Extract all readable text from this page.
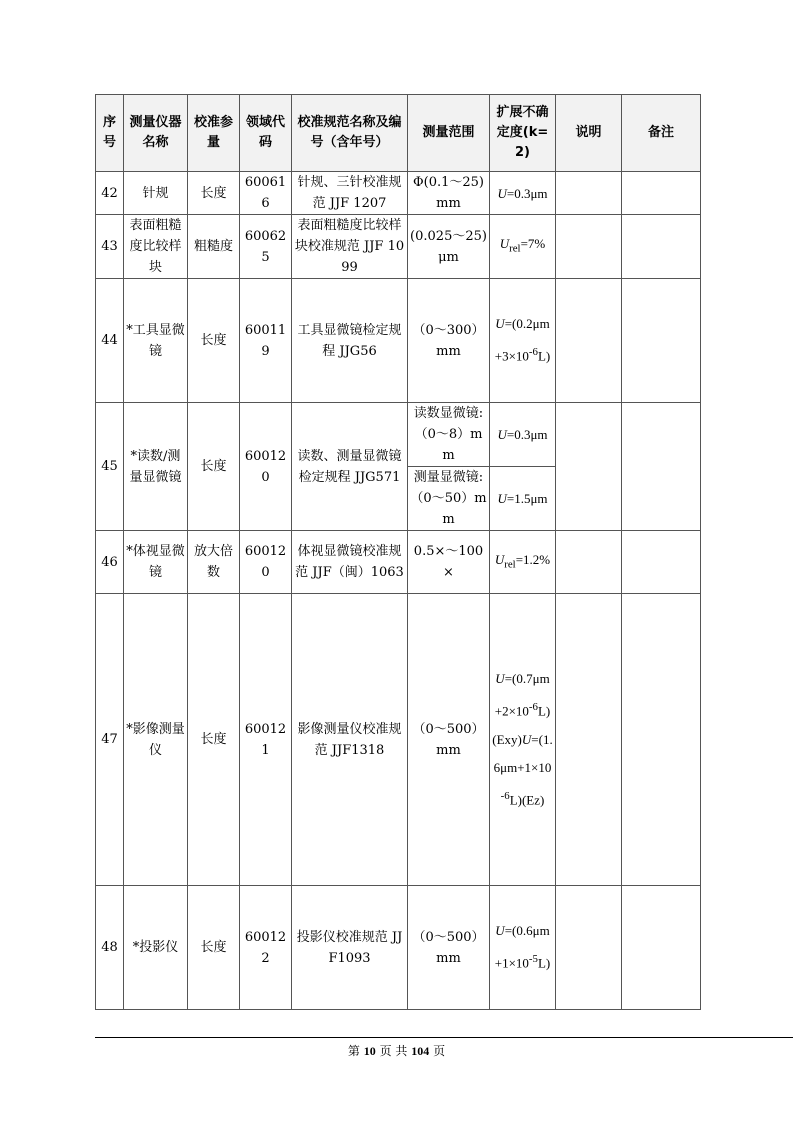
序号	测量仪器名称	校准参量	领域代码	校准规范名称及编号（含年号）	测量范围	扩展不确定度(k=2)	说明	备注
42	针规	长度	600616	针规、三针校准规范 JJF 1207	Φ(0.1～25)mm	U=0.3μm		
43	表面粗糙度比较样块	粗糙度	600625	表面粗糙度比较样块校准规范 JJF 1099	(0.025～25)μm	$U_{rel}=7\%$		
44	*工具显微镜	长度	600119	工具显微镜检定规程 JJG56	（0～300）mm	$U=(0.2\mu m+3\times 10^{-6}L)$		
45	*读数/测量显微镜	长度	600120	读数、测量显微镜检定规程 JJG571	读数显微镜:（0～8）mm	U=0.3μm		
					测量显微镜:（0～50）mm	U=1.5μm		
46	*体视显微镜	放大倍数	600120	体视显微镜校准规范 JJF（闽）1063	0.5×～100×	$U_{rel}=1.2\%$		
47	*影像测量仪	长度	600121	影像测量仪校准规范 JJF1318	（0～500）mm	$U=(0.7\mu m+2\times 10^{-6}L)(Exy)U=(1.6\mu m+1\times 10^{-6}L)(Ez)$		
48	*投影仪	长度	600122	投影仪校准规范 JJF1093	（0～500）mm	$U=(0.6\mu m+1\times 10^{-5}L)$		
第 10 页 共 104 页
